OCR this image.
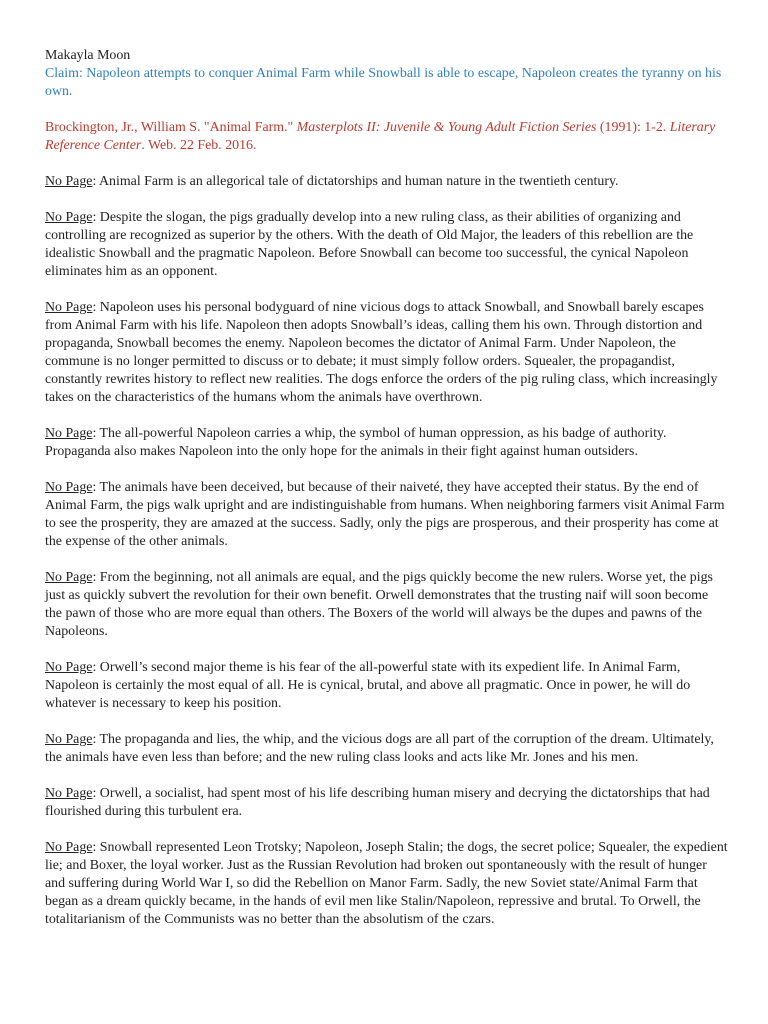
Makayla Moon

Claim: Napoleon attempts to conquer Animal Farm while Snowball is able to escape, Napoleon creates the tyranny on his own.

Brockington, Jr., William S. "Animal Farm." Masterplots II: Juvenile & Young Adult Fiction Series (1991): 1-2. Literary Reference Center. Web. 22 Feb. 2016.

No Page: Animal Farm is an allegorical tale of dictatorships and human nature in the twentieth century.

No Page: Despite the slogan, the pigs gradually develop into a new ruling class, as their abilities of organizing and controlling are recognized as superior by the others. With the death of Old Major, the leaders of this rebellion are the idealistic Snowball and the pragmatic Napoleon. Before Snowball can become too successful, the cynical Napoleon eliminates him as an opponent.

No Page: Napoleon uses his personal bodyguard of nine vicious dogs to attack Snowball, and Snowball barely escapes from Animal Farm with his life. Napoleon then adopts Snowball’s ideas, calling them his own. Through distortion and propaganda, Snowball becomes the enemy. Napoleon becomes the dictator of Animal Farm. Under Napoleon, the commune is no longer permitted to discuss or to debate; it must simply follow orders. Squealer, the propagandist, constantly rewrites history to reflect new realities. The dogs enforce the orders of the pig ruling class, which increasingly takes on the characteristics of the humans whom the animals have overthrown.

No Page: The all-powerful Napoleon carries a whip, the symbol of human oppression, as his badge of authority. Propaganda also makes Napoleon into the only hope for the animals in their fight against human outsiders.

No Page: The animals have been deceived, but because of their naiveté, they have accepted their status. By the end of Animal Farm, the pigs walk upright and are indistinguishable from humans. When neighboring farmers visit Animal Farm to see the prosperity, they are amazed at the success. Sadly, only the pigs are prosperous, and their prosperity has come at the expense of the other animals.

No Page: From the beginning, not all animals are equal, and the pigs quickly become the new rulers. Worse yet, the pigs just as quickly subvert the revolution for their own benefit. Orwell demonstrates that the trusting naif will soon become the pawn of those who are more equal than others. The Boxers of the world will always be the dupes and pawns of the Napoleons.

No Page: Orwell’s second major theme is his fear of the all-powerful state with its expedient life. In Animal Farm, Napoleon is certainly the most equal of all. He is cynical, brutal, and above all pragmatic. Once in power, he will do whatever is necessary to keep his position.

No Page: The propaganda and lies, the whip, and the vicious dogs are all part of the corruption of the dream. Ultimately, the animals have even less than before; and the new ruling class looks and acts like Mr. Jones and his men.

No Page: Orwell, a socialist, had spent most of his life describing human misery and decrying the dictatorships that had flourished during this turbulent era.

No Page: Snowball represented Leon Trotsky; Napoleon, Joseph Stalin; the dogs, the secret police; Squealer, the expedient lie; and Boxer, the loyal worker. Just as the Russian Revolution had broken out spontaneously with the result of hunger and suffering during World War I, so did the Rebellion on Manor Farm. Sadly, the new Soviet state/Animal Farm that began as a dream quickly became, in the hands of evil men like Stalin/Napoleon, repressive and brutal. To Orwell, the totalitarianism of the Communists was no better than the absolutism of the czars.
